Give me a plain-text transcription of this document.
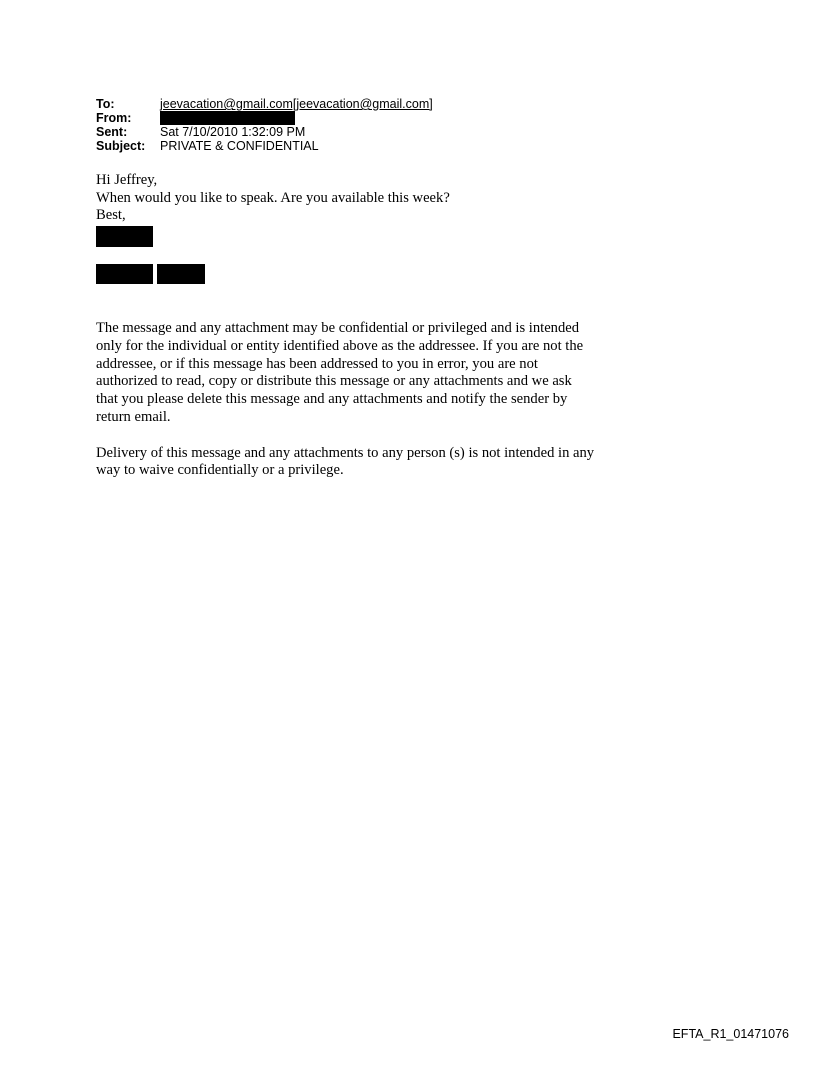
To:	jeevacation@gmail.com[jeevacation@gmail.com]
From:
Sent:	Sat 7/10/2010 1:32:09 PM
Subject:	PRIVATE & CONFIDENTIAL

Hi Jeffrey,

When would you like to speak. Are you available this week?

Best,

The message and any attachment may be confidential or privileged and is intended only for the individual or entity identified above as the addressee. If you are not the addressee, or if this message has been addressed to you in error, you are not authorized to read, copy or distribute this message or any attachments and we ask that you please delete this message and any attachments and notify the sender by return email.

Delivery of this message and any attachments to any person (s) is not intended in any way to waive confidentially or a privilege.

EFTA_R1_01471076
